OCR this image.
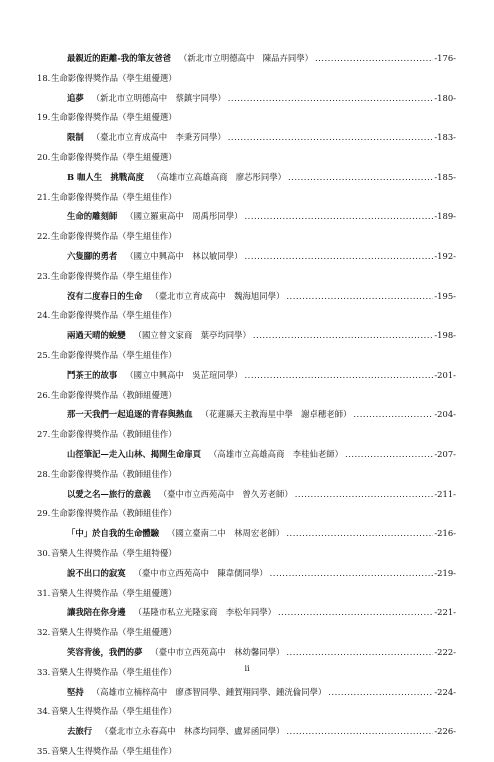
最親近的距離-我的筆友爸爸 （新北市立明德高中　陳品卉同學） .....	-176-
18. 生命影像得獎作品（學生組優選）
追夢 （新北市立明德高中　蔡鎮宇同學） .....	-180-
19. 生命影像得獎作品（學生組優選）
限制 （臺北市立育成高中　李秉芳同學） .....	-183-
20. 生命影像得獎作品（學生組優選）
B 咖人生　挑戰高度 （高雄市立高雄高商　廖芯彤同學） .....	-185-
21. 生命影像得獎作品（學生組佳作）
生命的雕刻師 （國立羅東高中　周禹彤同學） .....	-189-
22. 生命影像得獎作品（學生組佳作）
六隻腳的勇者 （國立中興高中　林以敏同學） .....	-192-
23. 生命影像得獎作品（學生組佳作）
沒有二度春日的生命 （臺北市立育成高中　魏海旭同學） .....	-195-
24. 生命影像得獎作品（學生組佳作）
兩過天晴的蛻變 （國立曾文家商　葉亭均同學） .....	-198-
25. 生命影像得獎作品（學生組佳作）
鬥茶王的故事 （國立中興高中　吳芷瑄同學） .....	-201-
26. 生命影像得獎作品（教師組優選）
那一天我們一起追逐的青春與熱血 （花蓮縣天主教海星中學　謝卓穗老師） .....	-204-
27. 生命影像得獎作品（教師組佳作）
山徑筆記—走入山林、揭開生命扉頁 （高雄市立高雄高商　李桂仙老師） .....	-207-
28. 生命影像得獎作品（教師組佳作）
以愛之名—旅行的意義 （臺中市立西苑高中　曾久芳老師） .....	-211-
29. 生命影像得獎作品（教師組佳作）
「中」於自我的生命體驗 （國立臺南二中　林周宏老師） .....	-216-
30. 音樂人生得獎作品（學生組特優）
說不出口的寂寞 （臺中市立西苑高中　陳韋儒同學） .....	-219-
31. 音樂人生得獎作品（學生組優選）
讓我陪在你身邊 （基隆市私立光隆家商　李松年同學） .....	-221-
32. 音樂人生得獎作品（學生組優選）
笑容背後，我們的夢 （臺中市立西苑高中　林幼馨同學） .....	-222-
33. 音樂人生得獎作品（學生組佳作）
堅持 （高雄市立楠梓高中　廖彥智同學、鍾賀翔同學、鍾洸倫同學） .....	-224-
34. 音樂人生得獎作品（學生組佳作）
去旅行 （臺北市立永春高中　林彥均同學、盧昇函同學） .....	-226-
35. 音樂人生得獎作品（學生組佳作）
ii
